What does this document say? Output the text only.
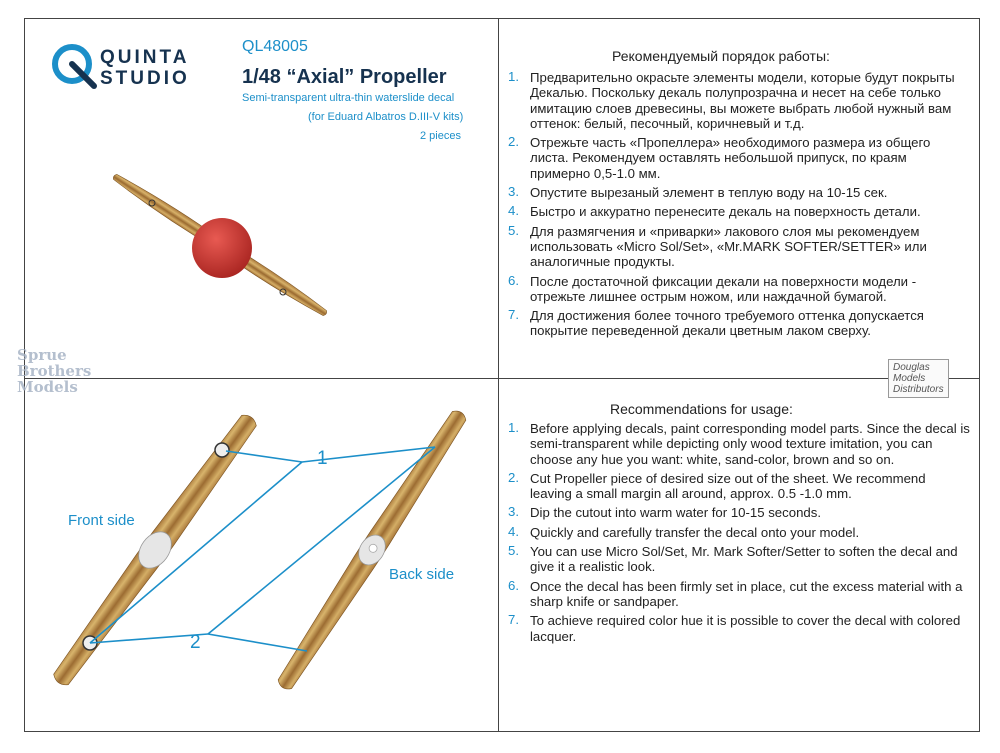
QUINTA
STUDIO
QL48005
1/48 “Axial” Propeller
Semi-transparent ultra-thin waterslide decal
(for Eduard Albatros D.III-V kits)
2 pieces
Рекомендуемый порядок работы:
1. Предварительно окрасьте элементы модели, которые будут покрыты Декалью. Поскольку декаль полупрозрачна и несет на себе только имитацию слоев древесины, вы можете выбрать любой нужный вам оттенок: белый, песочный, коричневый и т.д.
2. Отрежьте часть «Пропеллера» необходимого размера из общего листа. Рекомендуем оставлять небольшой припуск, по краям примерно 0,5-1.0 мм.
3. Опустите вырезаный элемент в теплую воду на 10-15 сек.
4. Быстро и аккуратно перенесите декаль на поверхность детали.
5. Для размягчения и «приварки» лакового слоя мы рекомендуем использовать «Micro Sol/Set», «Mr.MARK SOFTER/SETTER» или аналогичные продукты.
6. После достаточной фиксации декали на поверхности модели - отрежьте лишнее острым ножом, или наждачной бумагой.
7. Для достижения более точного требуемого оттенка допускается покрытие переведенной декали цветным лаком сверху.
Sprue
Brothers
Models
Douglas
Models
Distributors
Front side
Back side
1
2
Recommendations for usage:
1. Before applying decals, paint corresponding model parts. Since the decal is semi-transparent while depicting only wood texture imitation, you can choose any hue you want: white, sand-color, brown and so on.
2. Cut Propeller piece of desired size out of the sheet. We recommend leaving a small margin all around, approx. 0.5 -1.0 mm.
3. Dip the cutout into warm water for 10-15 seconds.
4. Quickly and carefully transfer the decal onto your model.
5. You can use Micro Sol/Set, Mr. Mark Softer/Setter to soften the decal and give it a realistic look.
6. Once the decal has been firmly set in place, cut the excess material with a sharp knife or sandpaper.
7. To achieve required color hue it is possible to cover the decal with colored lacquer.
